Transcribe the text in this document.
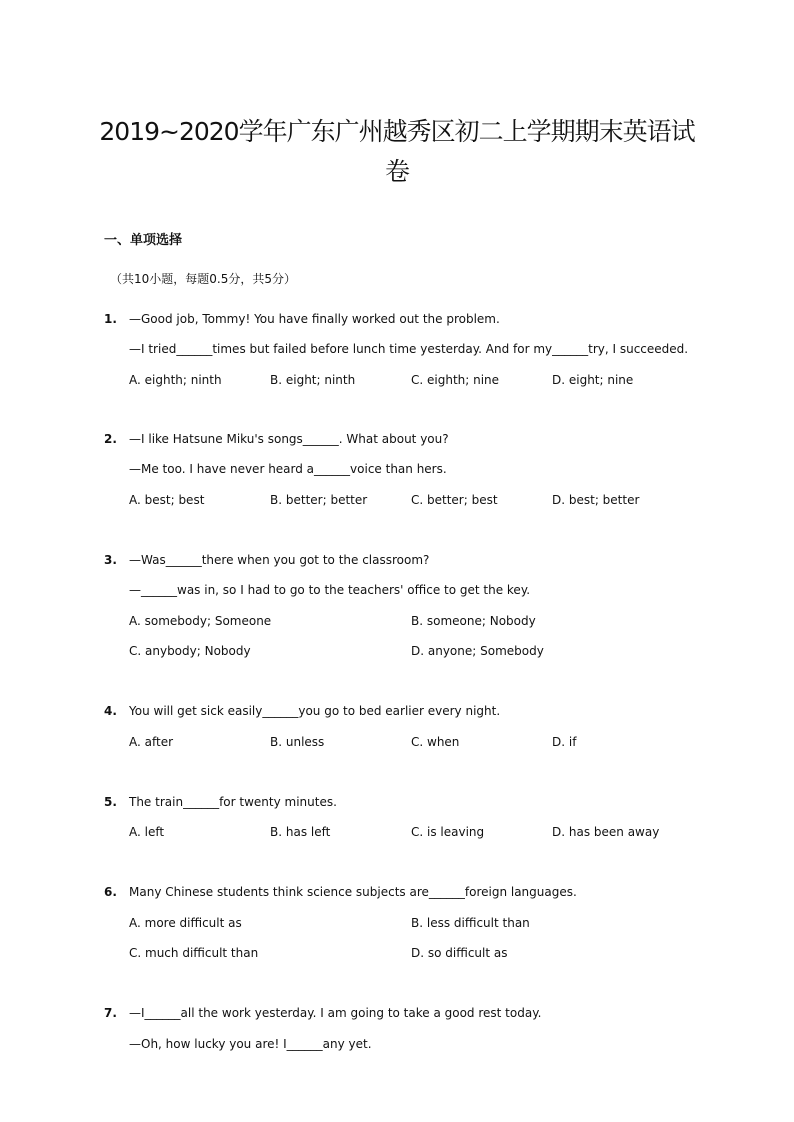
2019~2020学年广东广州越秀区初二上学期期末英语试
卷
一、单项选择
（共10小题，每题0.5分，共5分）
1. —Good job, Tommy! You have finally worked out the problem.
—I tried______times but failed before lunch time yesterday. And for my______try, I succeeded.
A. eighth; ninth	B. eight; ninth	C. eighth; nine	D. eight; nine
2. —I like Hatsune Miku's songs______. What about you?
—Me too. I have never heard a______voice than hers.
A. best; best	B. better; better	C. better; best	D. best; better
3. —Was______there when you got to the classroom?
—______was in, so I had to go to the teachers' office to get the key.
A. somebody; Someone	B. someone; Nobody
C. anybody; Nobody	D. anyone; Somebody
4. You will get sick easily______you go to bed earlier every night.
A. after	B. unless	C. when	D. if
5. The train______for twenty minutes.
A. left	B. has left	C. is leaving	D. has been away
6. Many Chinese students think science subjects are______foreign languages.
A. more difficult as	B. less difficult than
C. much difficult than	D. so difficult as
7. —I______all the work yesterday. I am going to take a good rest today.
—Oh, how lucky you are! I______any yet.
